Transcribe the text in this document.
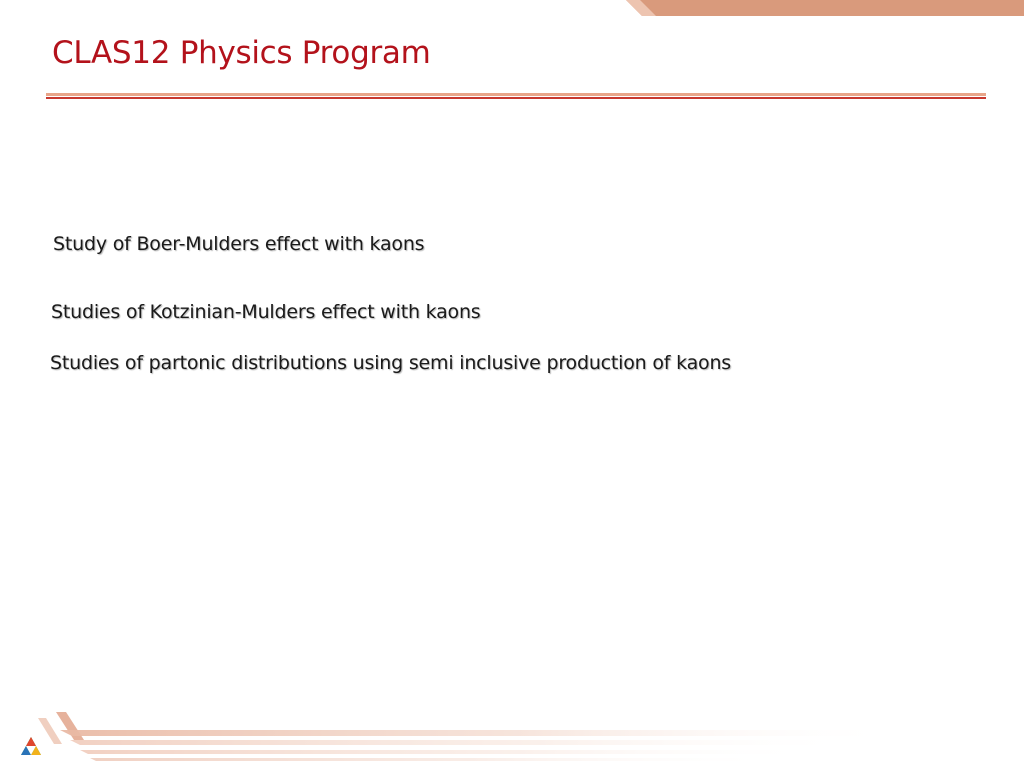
CLAS12 Physics Program

Study of Boer-Mulders effect with kaons

Studies of Kotzinian-Mulders effect with kaons

Studies of partonic distributions using semi inclusive production of kaons
